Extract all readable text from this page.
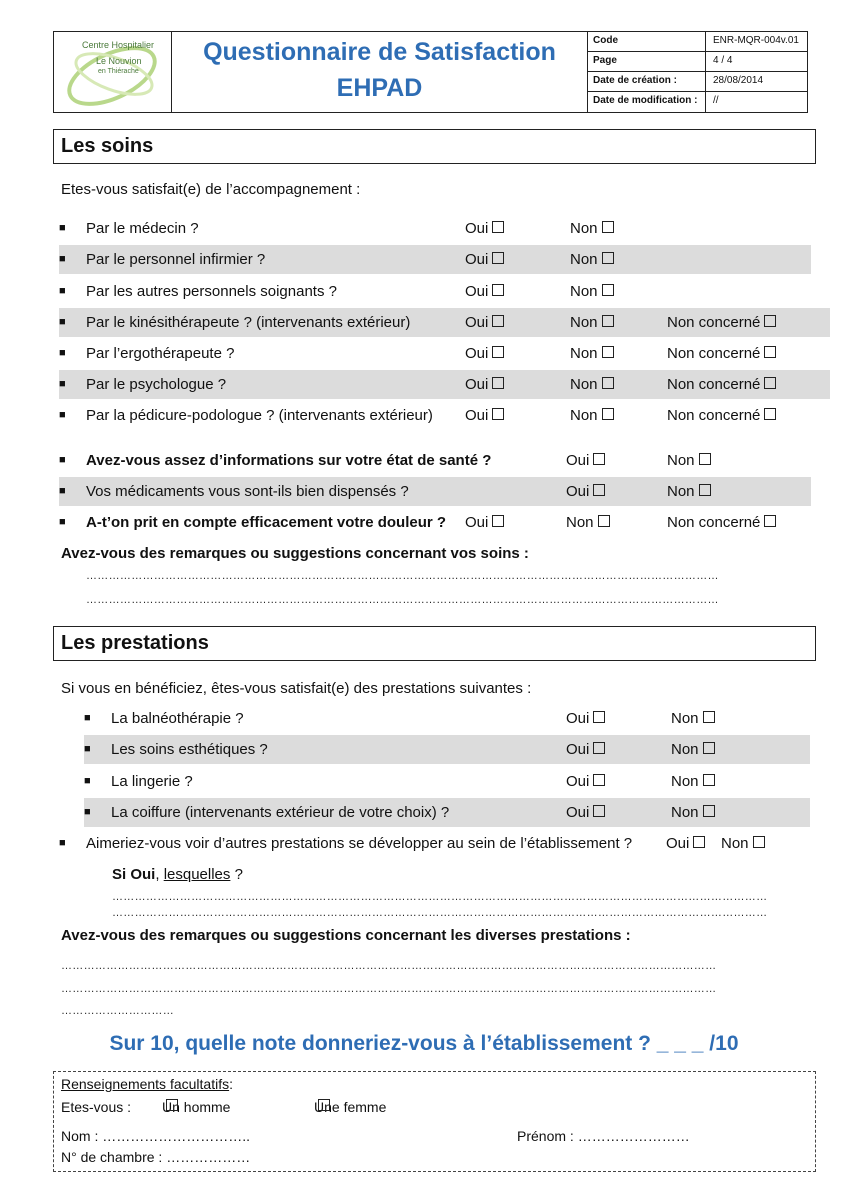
Centre Hospitalier
Le Nouvion
en Thiérache
Questionnaire de Satisfaction
EHPAD
Code	ENR-MQR-004v.01
Page	4 / 4
Date de création :	28/08/2014
Date de modification :	//
Les soins
Etes-vous satisfait(e) de l’accompagnement :
■ Par le médecin ?	Oui	Non
■ Par le personnel infirmier ?	Oui	Non
■ Par les autres personnels soignants ?	Oui	Non
■ Par le kinésithérapeute ? (intervenants extérieur)	Oui	Non	Non concerné
■ Par l’ergothérapeute ?	Oui	Non	Non concerné
■ Par le psychologue ?	Oui	Non	Non concerné
■ Par la pédicure-podologue ? (intervenants extérieur) Oui	Non	Non concerné
■ Avez-vous assez d’informations sur votre état de santé ?	Oui	Non
■ Vos médicaments vous sont-ils bien dispensés ?	Oui	Non
■ A-t’on prit en compte efficacement votre douleur ? Oui	Non	Non concerné
Avez-vous des remarques ou suggestions concernant vos soins :
……………………………………………………………………………………………………………………………………………………
……………………………………………………………………………………………………………………………………………………
Les prestations
Si vous en bénéficiez, êtes-vous satisfait(e) des prestations suivantes :
■ La balnéothérapie ?	Oui	Non
■ Les soins esthétiques ?	Oui	Non
■ La lingerie ?	Oui	Non
■ La coiffure (intervenants extérieur de votre choix) ?	Oui	Non
■ Aimeriez-vous voir d’autres prestations se développer au sein de l’établissement ? Oui	Non
Si Oui, lesquelles ?
…………………………………………………………………………………………………………………………………………………………
…………………………………………………………………………………………………………………………………………………………
Avez-vous des remarques ou suggestions concernant les diverses prestations :
…………………………………………………………………………………………………………………………………………………………
…………………………………………………………………………………………………………………………………………………………
…………………………
Sur 10, quelle note donneriez-vous à l’établissement ? _ _ _ /10
Renseignements facultatifs :
Etes-vous : Un homme	Une femme
Nom : …………………………..	Prénom : ……………………
N° de chambre : ………………
